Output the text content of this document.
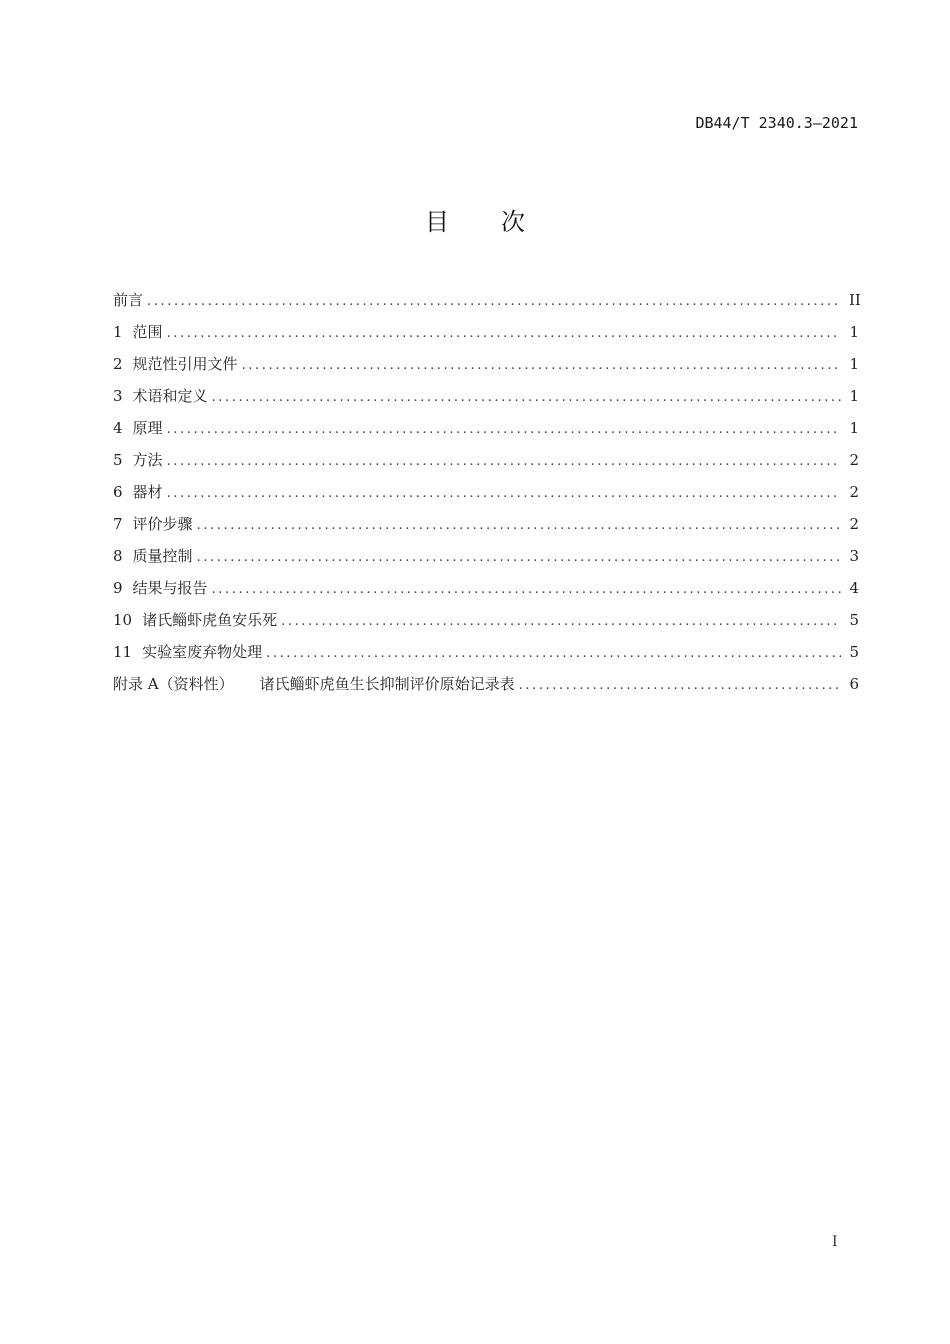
DB44/T 2340.3—2021
目 次
前言 .....	II
1 范围 .....	1
2 规范性引用文件 .....	1
3 术语和定义 .....	1
4 原理 .....	1
5 方法 .....	2
6 器材 .....	2
7 评价步骤 .....	2
8 质量控制 .....	3
9 结果与报告 .....	4
10 诸氏鲻虾虎鱼安乐死 .....	5
11 实验室废弃物处理 .....	5
附录 A（资料性） 诸氏鲻虾虎鱼生长抑制评价原始记录表 .....	6
I
